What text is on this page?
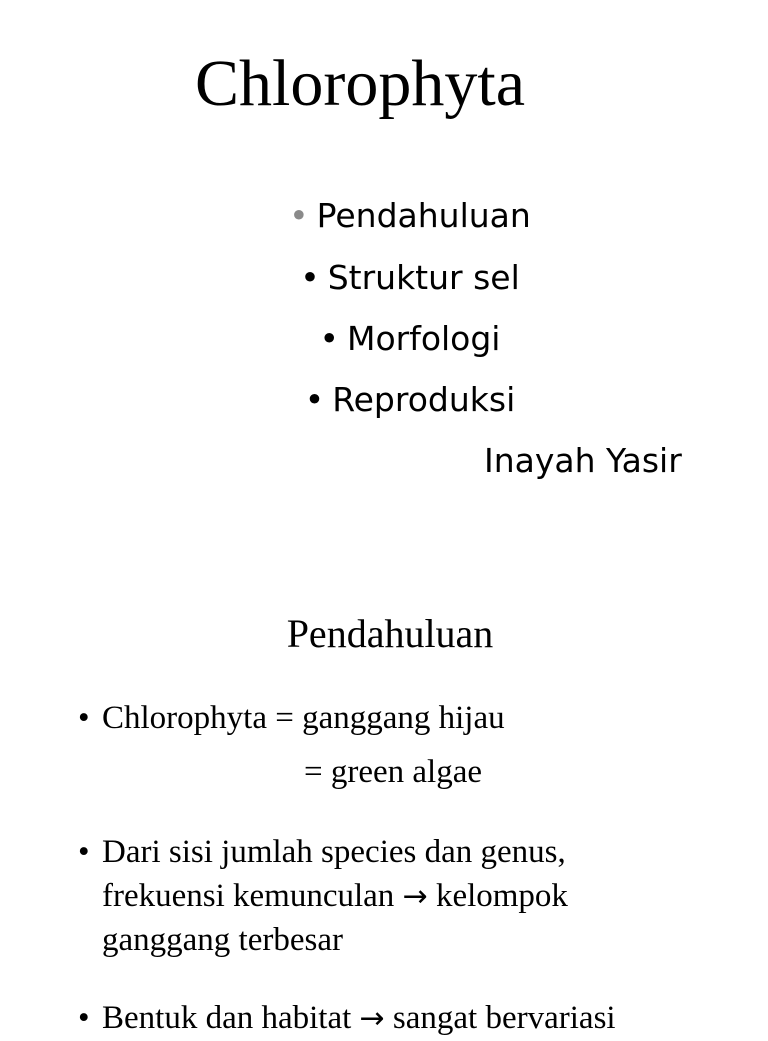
Chlorophyta
• Pendahuluan
• Struktur sel
• Morfologi
• Reproduksi
Inayah Yasir
Pendahuluan
• Chlorophyta = ganggang hijau
= green algae
• Dari sisi jumlah species dan genus,
frekuensi kemunculan → kelompok
ganggang terbesar
• Bentuk dan habitat → sangat bervariasi
